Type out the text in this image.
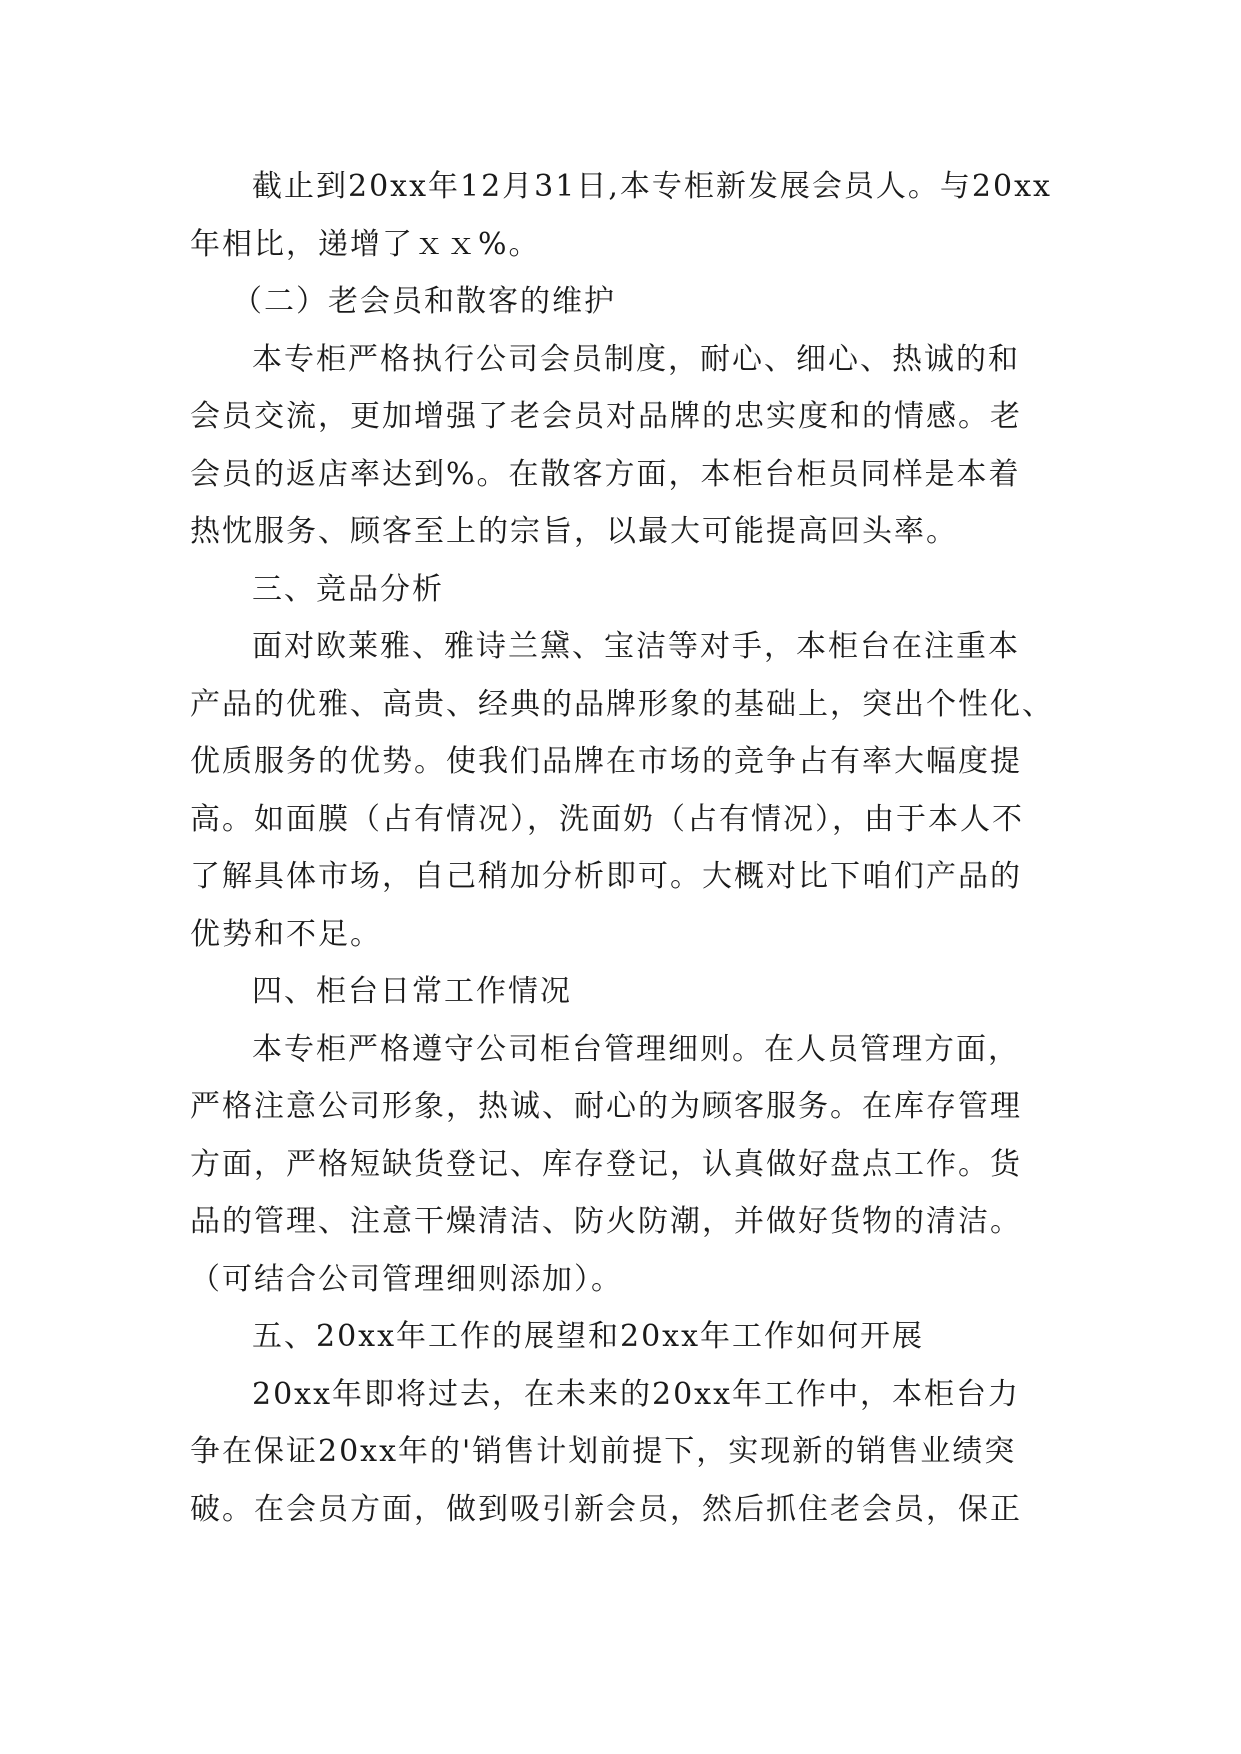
截止到20xx年12月31日,本专柜新发展会员人。与20xx
年相比，递增了ｘｘ%。
（二）老会员和散客的维护
本专柜严格执行公司会员制度，耐心、细心、热诚的和
会员交流，更加增强了老会员对品牌的忠实度和的情感。老
会员的返店率达到%。在散客方面，本柜台柜员同样是本着
热忱服务、顾客至上的宗旨，以最大可能提高回头率。
三、竞品分析
面对欧莱雅、雅诗兰黛、宝洁等对手，本柜台在注重本
产品的优雅、高贵、经典的品牌形象的基础上，突出个性化、
优质服务的优势。使我们品牌在市场的竞争占有率大幅度提
高。如面膜（占有情况），洗面奶（占有情况），由于本人不
了解具体市场，自己稍加分析即可。大概对比下咱们产品的
优势和不足。
四、柜台日常工作情况
本专柜严格遵守公司柜台管理细则。在人员管理方面，
严格注意公司形象，热诚、耐心的为顾客服务。在库存管理
方面，严格短缺货登记、库存登记，认真做好盘点工作。货
品的管理、注意干燥清洁、防火防潮，并做好货物的清洁。
（可结合公司管理细则添加）。
五、20xx年工作的展望和20xx年工作如何开展
20xx年即将过去，在未来的20xx年工作中，本柜台力
争在保证20xx年的'销售计划前提下，实现新的销售业绩突
破。在会员方面，做到吸引新会员，然后抓住老会员，保正
